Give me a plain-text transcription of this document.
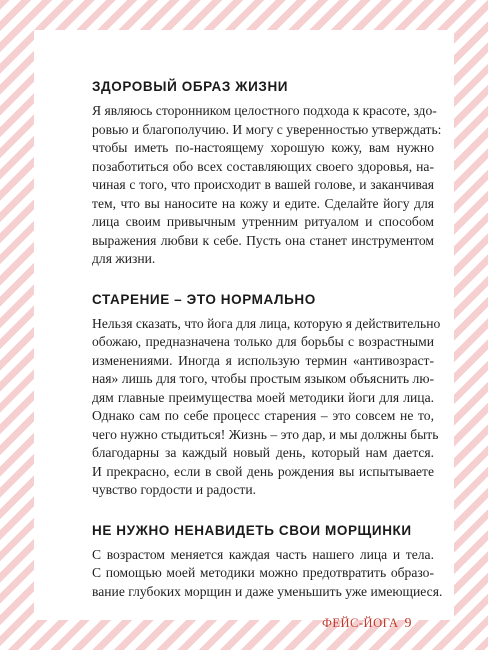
ЗДОРОВЫЙ ОБРАЗ ЖИЗНИ
Я являюсь сторонником целостного подхода к красоте, здо-
ровью и благополучию. И могу с уверенностью утверждать:
чтобы иметь по-настоящему хорошую кожу, вам нужно
позаботиться обо всех составляющих своего здоровья, на-
чиная с того, что происходит в вашей голове, и заканчивая
тем, что вы наносите на кожу и едите. Сделайте йогу для
лица своим привычным утренним ритуалом и способом
выражения любви к себе. Пусть она станет инструментом
для жизни.
СТАРЕНИЕ – ЭТО НОРМАЛЬНО
Нельзя сказать, что йога для лица, которую я действительно
обожаю, предназначена только для борьбы с возрастными
изменениями. Иногда я использую термин «антивозраст-
ная» лишь для того, чтобы простым языком объяснить лю-
дям главные преимущества моей методики йоги для лица.
Однако сам по себе процесс старения – это совсем не то,
чего нужно стыдиться! Жизнь – это дар, и мы должны быть
благодарны за каждый новый день, который нам дается.
И прекрасно, если в свой день рождения вы испытываете
чувство гордости и радости.
НЕ НУЖНО НЕНАВИДЕТЬ СВОИ МОРЩИНКИ
С возрастом меняется каждая часть нашего лица и тела.
С помощью моей методики можно предотвратить образо-
вание глубоких морщин и даже уменьшить уже имеющиеся.
ФЕЙС-ЙОГА 9
